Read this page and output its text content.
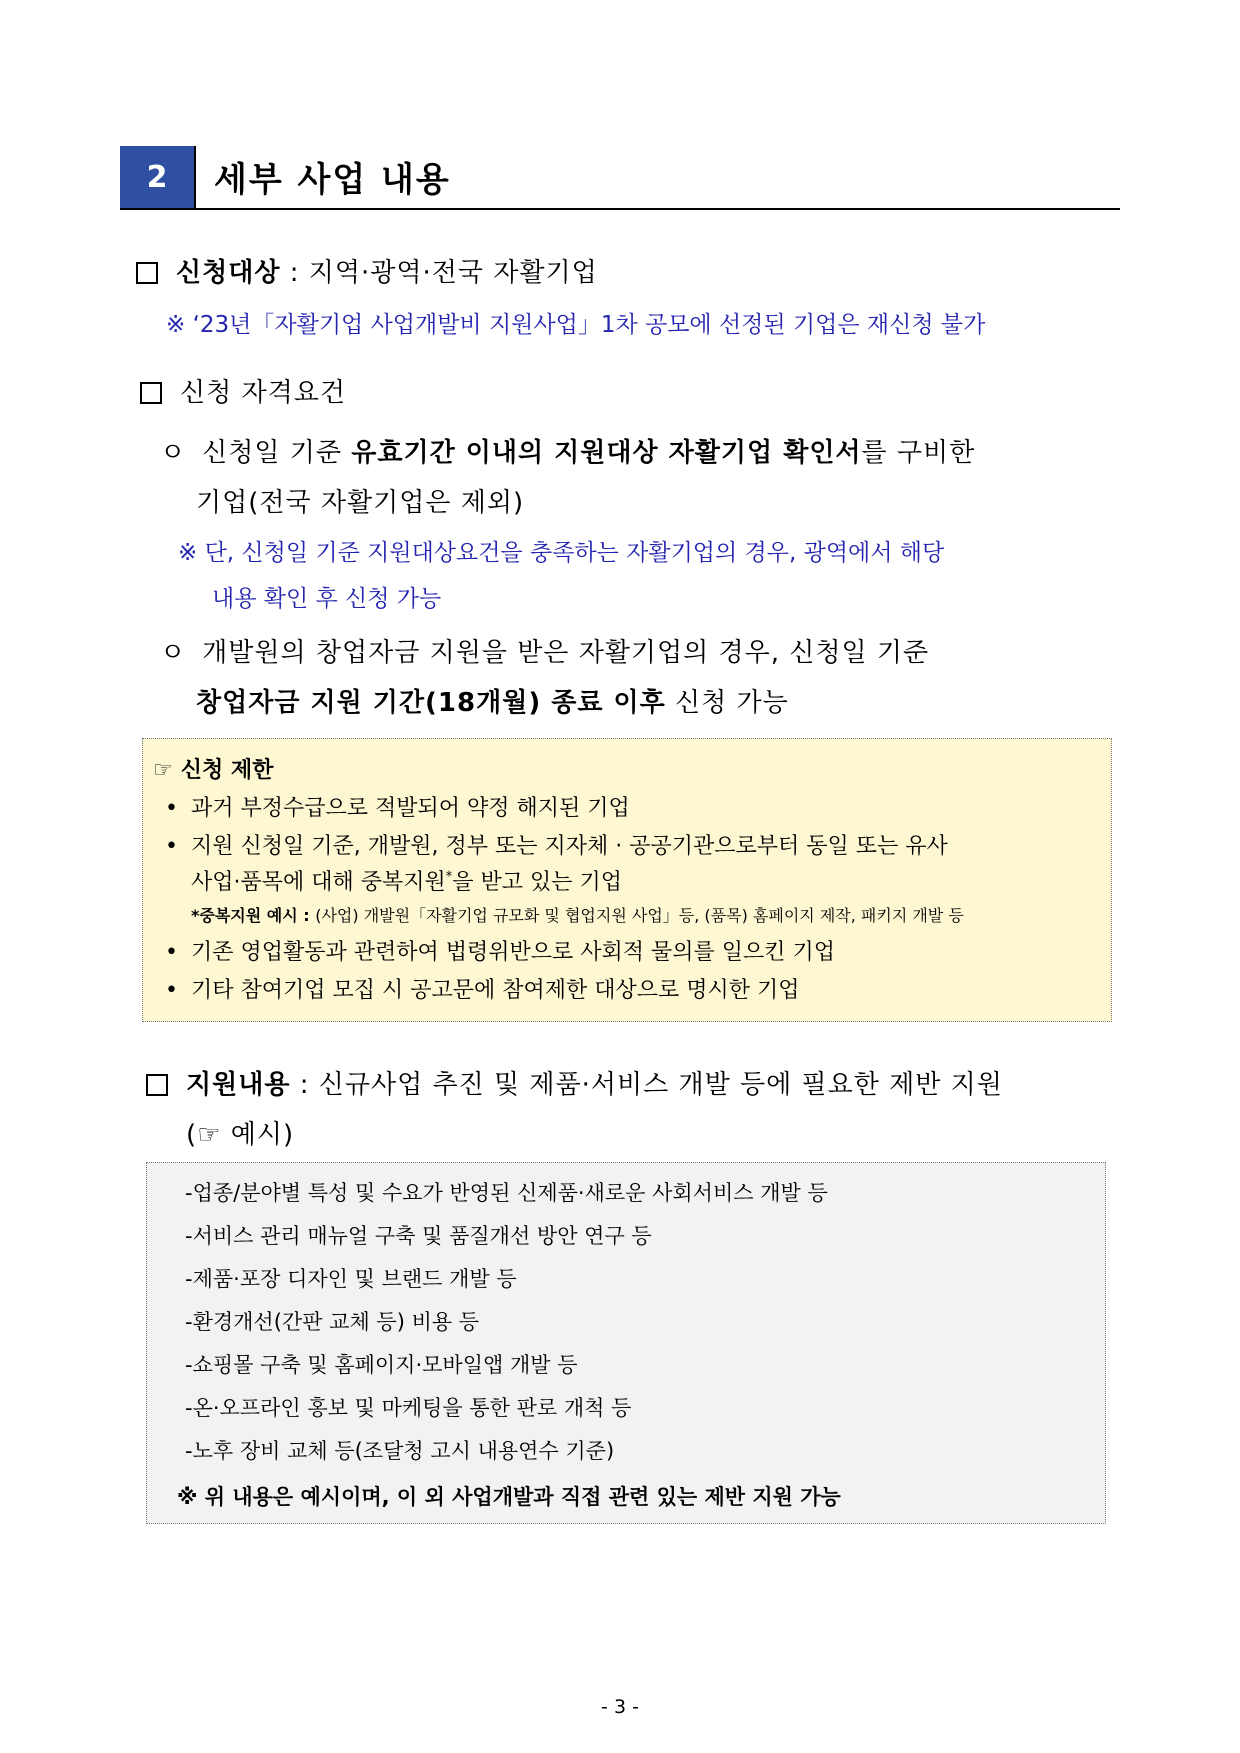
2	세부 사업 내용
신청대상 : 지역·광역·전국 자활기업
※ ‘23년「자활기업 사업개발비 지원사업」1차 공모에 선정된 기업은 재신청 불가
신청 자격요건
ㅇ 신청일 기준 유효기간 이내의 지원대상 자활기업 확인서를 구비한
기업(전국 자활기업은 제외)
※ 단, 신청일 기준 지원대상요건을 충족하는 자활기업의 경우, 광역에서 해당
내용 확인 후 신청 가능
ㅇ 개발원의 창업자금 지원을 받은 자활기업의 경우, 신청일 기준
창업자금 지원 기간(18개월) 종료 이후 신청 가능
☞ 신청 제한
• 과거 부정수급으로 적발되어 약정 해지된 기업
• 지원 신청일 기준, 개발원, 정부 또는 지자체 · 공공기관으로부터 동일 또는 유사
사업·품목에 대해 중복지원*을 받고 있는 기업
*중복지원 예시 : (사업) 개발원「자활기업 규모화 및 협업지원 사업」등, (품목) 홈페이지 제작, 패키지 개발 등
• 기존 영업활동과 관련하여 법령위반으로 사회적 물의를 일으킨 기업
• 기타 참여기업 모집 시 공고문에 참여제한 대상으로 명시한 기업
지원내용 : 신규사업 추진 및 제품·서비스 개발 등에 필요한 제반 지원
(☞ 예시)
-업종/분야별 특성 및 수요가 반영된 신제품·새로운 사회서비스 개발 등
-서비스 관리 매뉴얼 구축 및 품질개선 방안 연구 등
-제품·포장 디자인 및 브랜드 개발 등
-환경개선(간판 교체 등) 비용 등
-쇼핑몰 구축 및 홈페이지·모바일앱 개발 등
-온·오프라인 홍보 및 마케팅을 통한 판로 개척 등
-노후 장비 교체 등(조달청 고시 내용연수 기준)
※ 위 내용은 예시이며, 이 외 사업개발과 직접 관련 있는 제반 지원 가능
- 3 -
